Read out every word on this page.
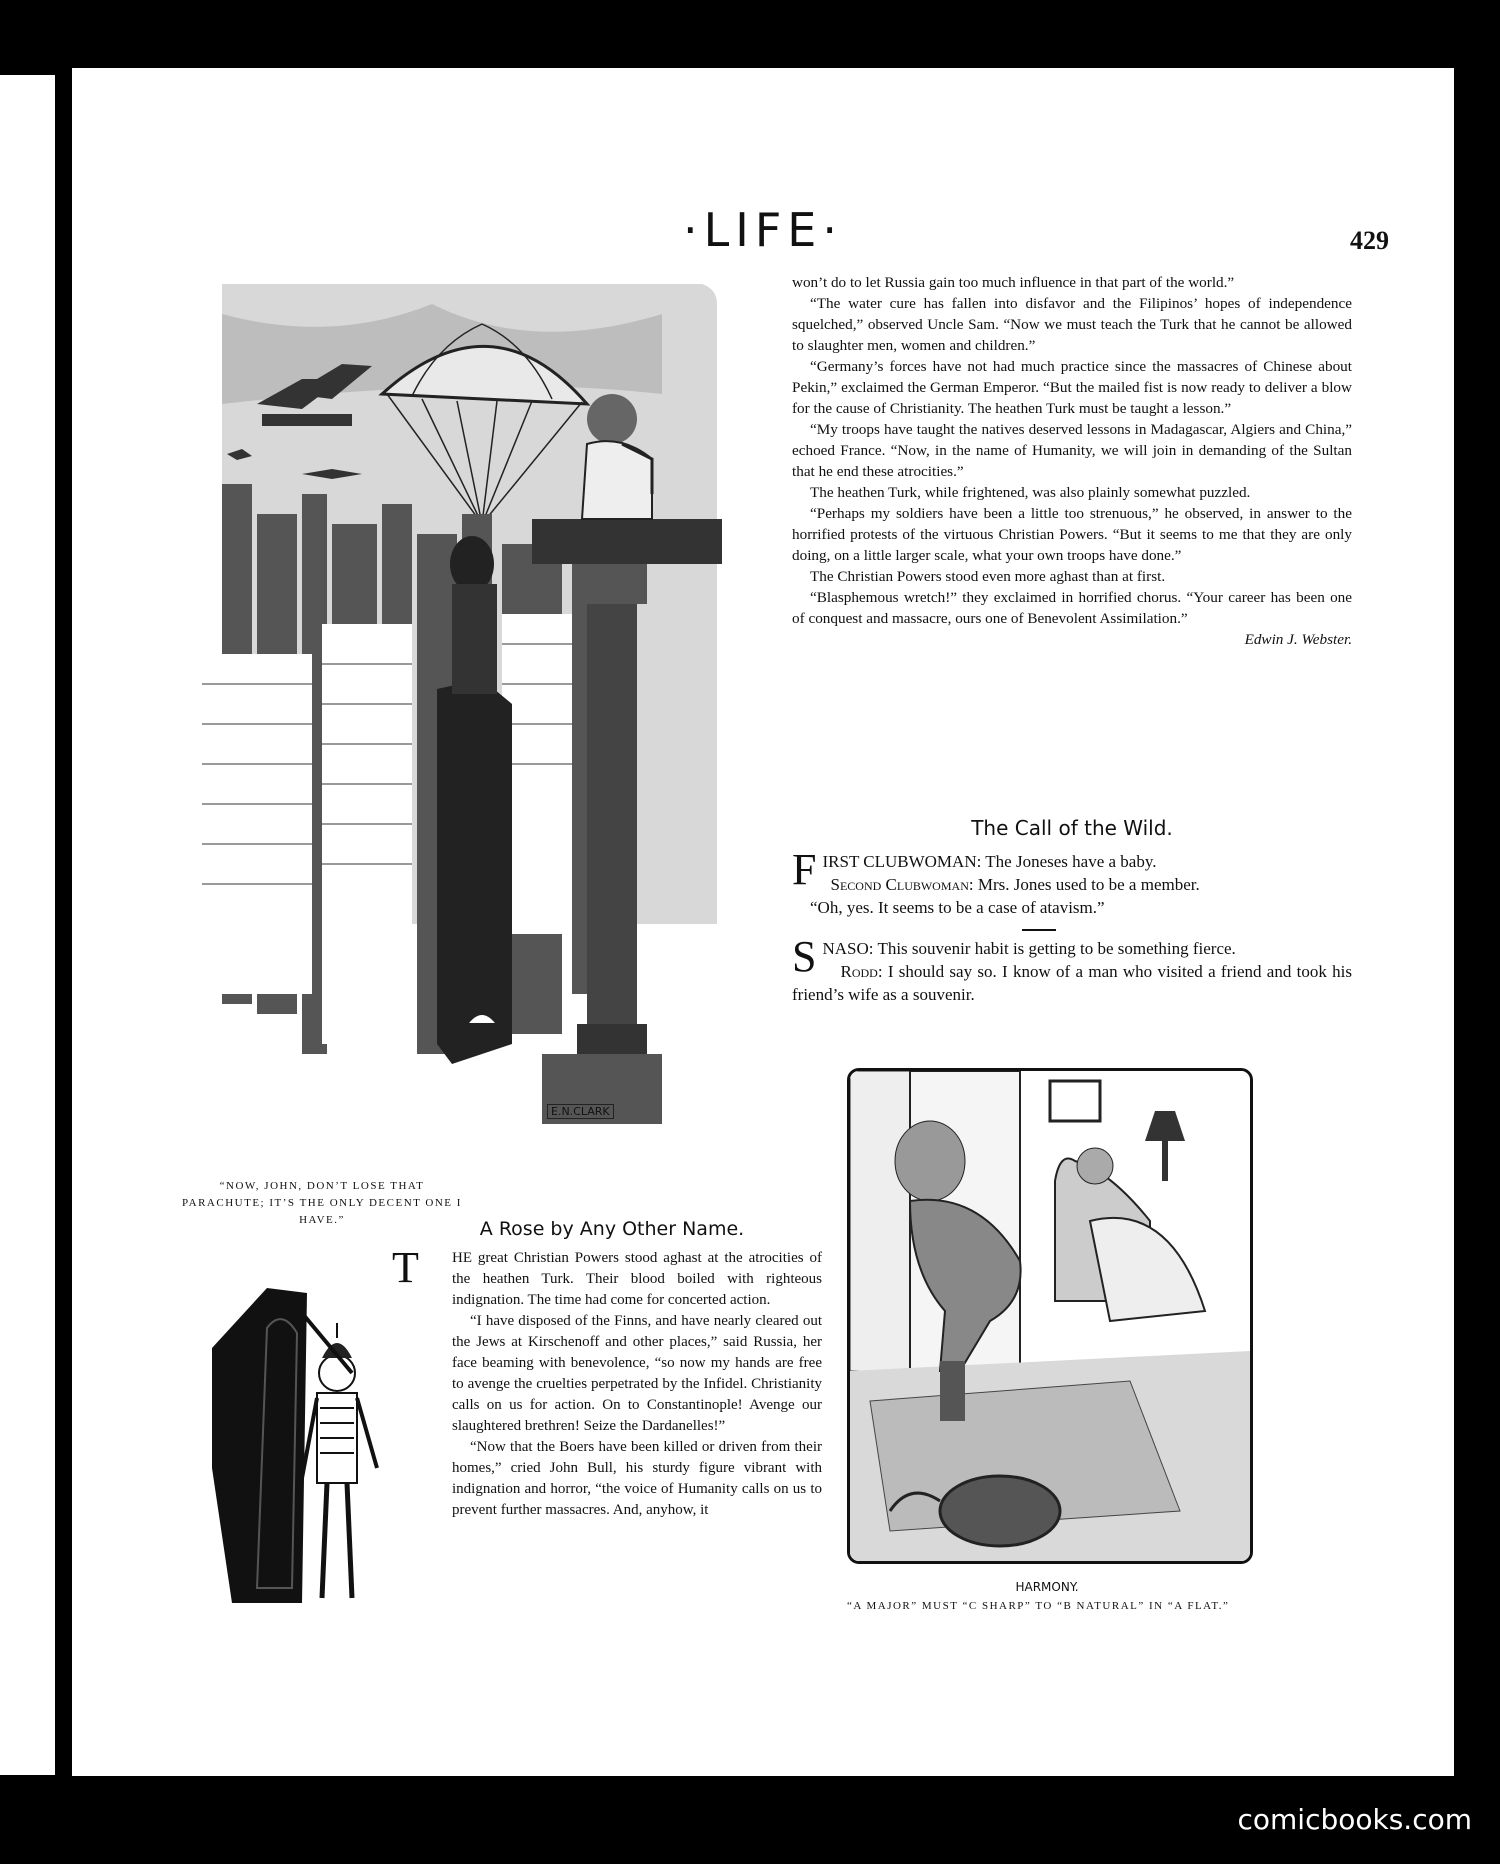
·LIFE·	429
E.N.CLARK
“NOW, JOHN, DON’T LOSE THAT PARACHUTE; IT’S THE ONLY DECENT ONE I HAVE.”

won’t do to let Russia gain too much influence in that part of the world.”

“The water cure has fallen into disfavor and the Filipinos’ hopes of independence squelched,” observed Uncle Sam. “Now we must teach the Turk that he cannot be allowed to slaughter men, women and children.”

“Germany’s forces have not had much practice since the massacres of Chinese about Pekin,” exclaimed the German Emperor. “But the mailed fist is now ready to deliver a blow for the cause of Christianity. The heathen Turk must be taught a lesson.”

“My troops have taught the natives deserved lessons in Madagascar, Algiers and China,” echoed France. “Now, in the name of Humanity, we will join in demanding of the Sultan that he end these atrocities.”

The heathen Turk, while frightened, was also plainly somewhat puzzled.

“Perhaps my soldiers have been a little too strenuous,” he observed, in answer to the horrified protests of the virtuous Christian Powers. “But it seems to me that they are only doing, on a little larger scale, what your own troops have done.”

The Christian Powers stood even more aghast than at first.

“Blasphemous wretch!” they exclaimed in horrified chorus. “Your career has been one of conquest and massacre, ours one of Benevolent Assimilation.”

Edwin J. Webster.
The Call of the Wild.

F IRST CLUBWOMAN: The Joneses have a baby.
Second Clubwoman: Mrs. Jones used to be a member.

“Oh, yes. It seems to be a case of atavism.”

S NASO: This souvenir habit is getting to be something fierce.

Rodd: I should say so. I know of a man who visited a friend and took his friend’s wife as a souvenir.

HARMONY.
“A MAJOR” MUST “C SHARP” TO “B NATURAL” IN “A FLAT.”
A Rose by Any Other Name.

T HE great Christian Powers stood aghast at the atrocities of the heathen Turk. Their blood boiled with righteous indignation. The time had come for concerted action.

“I have disposed of the Finns, and have nearly cleared out the Jews at Kirschenoff and other places,” said Russia, her face beaming with benevolence, “so now my hands are free to avenge the cruelties perpetrated by the Infidel. Christianity calls on us for action. On to Constantinople! Avenge our slaughtered brethren! Seize the Dardanelles!”

“Now that the Boers have been killed or driven from their homes,” cried John Bull, his sturdy figure vibrant with indignation and horror, “the voice of Humanity calls on us to prevent further massacres. And, anyhow, it

comicbooks.com
